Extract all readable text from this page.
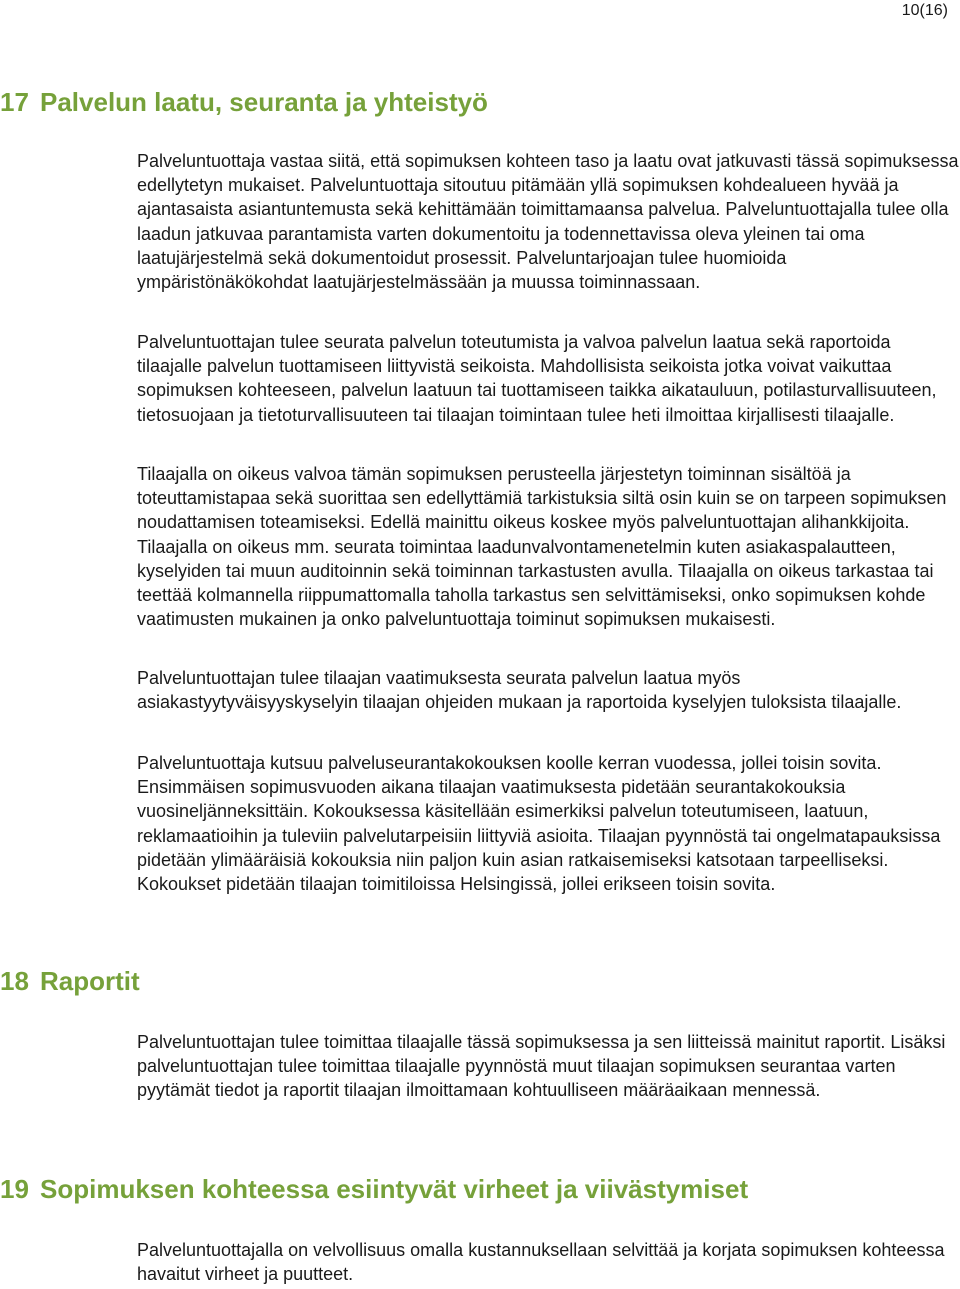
10(16)
17 Palvelun laatu, seuranta ja yhteistyö

Palveluntuottaja vastaa siitä, että sopimuksen kohteen taso ja laatu ovat jatkuvasti tässä sopimuksessa edellytetyn mukaiset. Palveluntuottaja sitoutuu pitämään yllä sopimuksen kohdealueen hyvää ja ajantasaista asiantuntemusta sekä kehittämään toimittamaansa palvelua. Palveluntuottajalla tulee olla laadun jatkuvaa parantamista varten dokumentoitu ja todennettavissa oleva yleinen tai oma laatujärjestelmä sekä dokumentoidut prosessit. Palveluntarjoajan tulee huomioida ympäristönäkökohdat laatujärjestelmässään ja muussa toiminnassaan.

Palveluntuottajan tulee seurata palvelun toteutumista ja valvoa palvelun laatua sekä raportoida tilaajalle palvelun tuottamiseen liittyvistä seikoista. Mahdollisista seikoista jotka voivat vaikuttaa sopimuksen kohteeseen, palvelun laatuun tai tuottamiseen taikka aikatauluun, potilasturvallisuuteen, tietosuojaan ja tietoturvallisuuteen tai tilaajan toimintaan tulee heti ilmoittaa kirjallisesti tilaajalle.

Tilaajalla on oikeus valvoa tämän sopimuksen perusteella järjestetyn toiminnan sisältöä ja toteuttamistapaa sekä suorittaa sen edellyttämiä tarkistuksia siltä osin kuin se on tarpeen sopimuksen noudattamisen toteamiseksi. Edellä mainittu oikeus koskee myös palveluntuottajan alihankkijoita. Tilaajalla on oikeus mm. seurata toimintaa laadunvalvontamenetelmin kuten asiakaspalautteen, kyselyiden tai muun auditoinnin sekä toiminnan tarkastusten avulla. Tilaajalla on oikeus tarkastaa tai teettää kolmannella riippumattomalla taholla tarkastus sen selvittämiseksi, onko sopimuksen kohde vaatimusten mukainen ja onko palveluntuottaja toiminut sopimuksen mukaisesti.

Palveluntuottajan tulee tilaajan vaatimuksesta seurata palvelun laatua myös asiakastyytyväisyyskyselyin tilaajan ohjeiden mukaan ja raportoida kyselyjen tuloksista tilaajalle.

Palveluntuottaja kutsuu palveluseurantakokouksen koolle kerran vuodessa, jollei toisin sovita. Ensimmäisen sopimusvuoden aikana tilaajan vaatimuksesta pidetään seurantakokouksia vuosineljänneksittäin. Kokouksessa käsitellään esimerkiksi palvelun toteutumiseen, laatuun, reklamaatioihin ja tuleviin palvelutarpeisiin liittyviä asioita. Tilaajan pyynnöstä tai ongelmatapauksissa pidetään ylimääräisiä kokouksia niin paljon kuin asian ratkaisemiseksi katsotaan tarpeelliseksi. Kokoukset pidetään tilaajan toimitiloissa Helsingissä, jollei erikseen toisin sovita.

18 Raportit

Palveluntuottajan tulee toimittaa tilaajalle tässä sopimuksessa ja sen liitteissä mainitut raportit. Lisäksi palveluntuottajan tulee toimittaa tilaajalle pyynnöstä muut tilaajan sopimuksen seurantaa varten pyytämät tiedot ja raportit tilaajan ilmoittamaan kohtuulliseen määräaikaan mennessä.

19 Sopimuksen kohteessa esiintyvät virheet ja viivästymiset

Palveluntuottajalla on velvollisuus omalla kustannuksellaan selvittää ja korjata sopimuksen kohteessa havaitut virheet ja puutteet.
